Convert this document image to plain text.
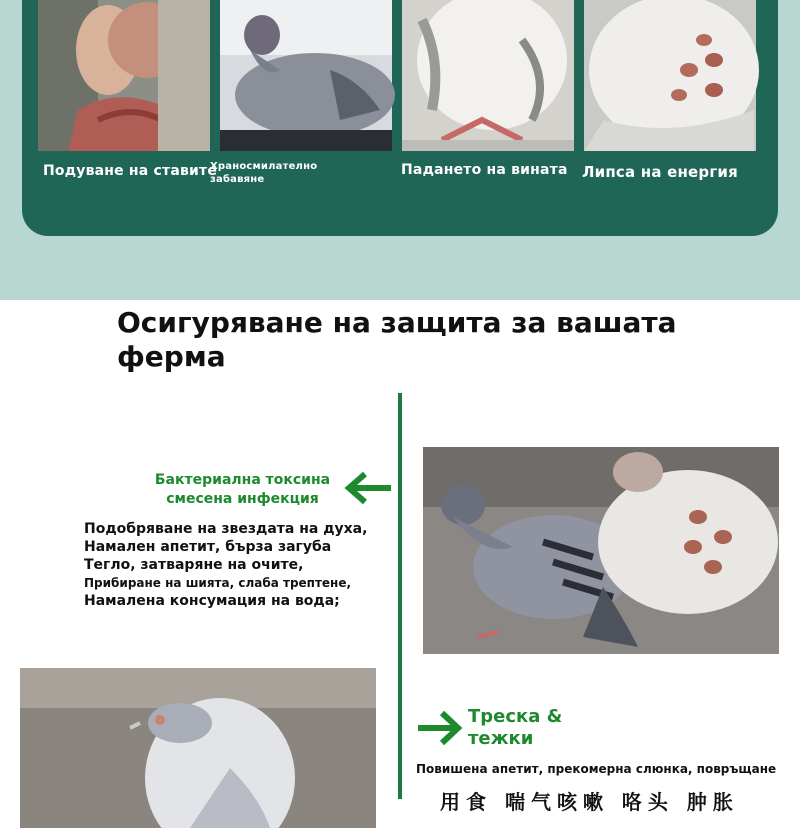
Подуване на ставите
Храносмилателно забавяне
Падането на вината Липса на енергия
Осигуряване на защита за вашата ферма
Бактериална токсина смесена инфекция
Подобряване на звездата на духа,
Намален апетит, бърза загуба
Тегло, затваряне на очите,
Прибиране на шията, слаба трептене,
Намалена консумация на вода;
Треска & тежки
Повишена апетит, прекомерна слюнка, повръщане
用食 喘气咳嗽 咯头 肿胀
